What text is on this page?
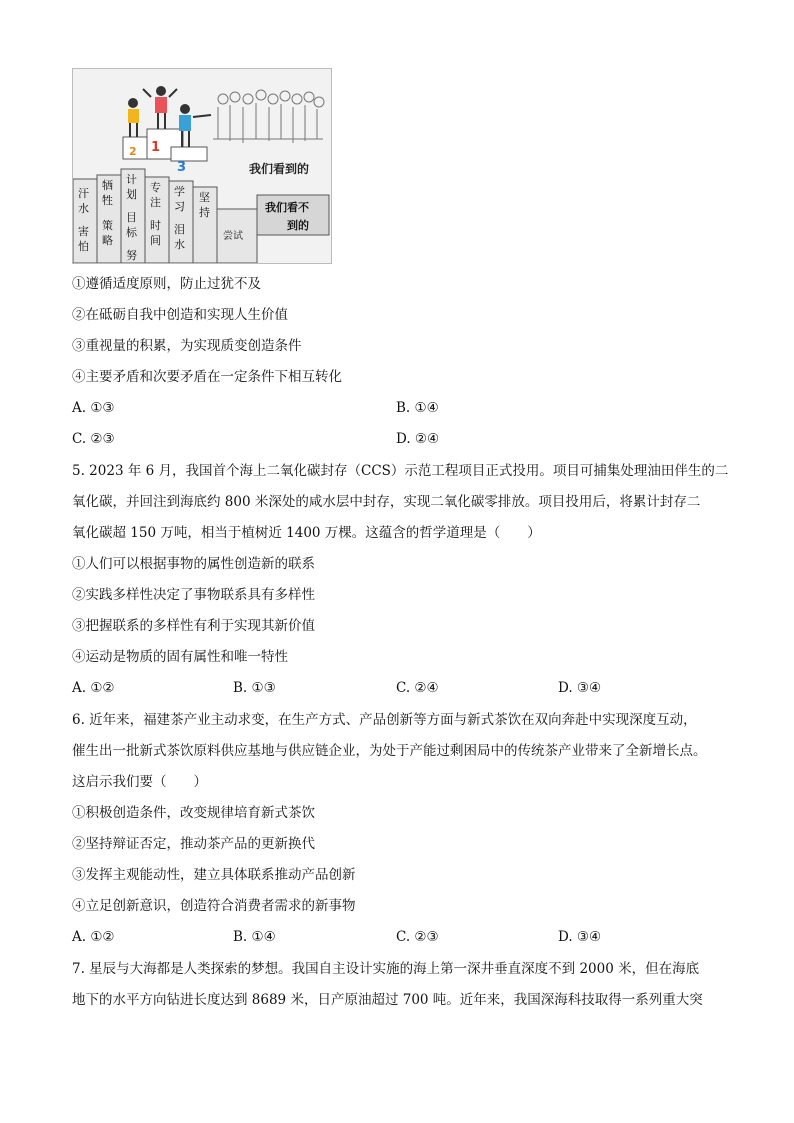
2 1
3	我们看到的
汗
水
害
怕
牺
牲
策
略
计
划
目
标
努
专
注
时
间
学
习
泪
水
坚
持
尝试
我们看不
到的
①遵循适度原则，防止过犹不及
②在砥砺自我中创造和实现人生价值
③重视量的积累，为实现质变创造条件
④主要矛盾和次要矛盾在一定条件下相互转化
A. ①③	B. ①④
C. ②③	D. ②④
5. 2023 年 6 月，我国首个海上二氧化碳封存（CCS）示范工程项目正式投用。项目可捕集处理油田伴生的二
氧化碳，并回注到海底约 800 米深处的咸水层中封存，实现二氧化碳零排放。项目投用后，将累计封存二
氧化碳超 150 万吨，相当于植树近 1400 万棵。这蕴含的哲学道理是（　　）
①人们可以根据事物的属性创造新的联系
②实践多样性决定了事物联系具有多样性
③把握联系的多样性有利于实现其新价值
④运动是物质的固有属性和唯一特性
A. ①②	B. ①③	C. ②④	D. ③④
6. 近年来，福建茶产业主动求变，在生产方式、产品创新等方面与新式茶饮在双向奔赴中实现深度互动，
催生出一批新式茶饮原料供应基地与供应链企业，为处于产能过剩困局中的传统茶产业带来了全新增长点。
这启示我们要（　　）
①积极创造条件，改变规律培育新式茶饮
②坚持辩证否定，推动茶产品的更新换代
③发挥主观能动性，建立具体联系推动产品创新
④立足创新意识，创造符合消费者需求的新事物
A. ①②	B. ①④	C. ②③	D. ③④
7. 星辰与大海都是人类探索的梦想。我国自主设计实施的海上第一深井垂直深度不到 2000 米，但在海底
地下的水平方向钻进长度达到 8689 米，日产原油超过 700 吨。近年来，我国深海科技取得一系列重大突
